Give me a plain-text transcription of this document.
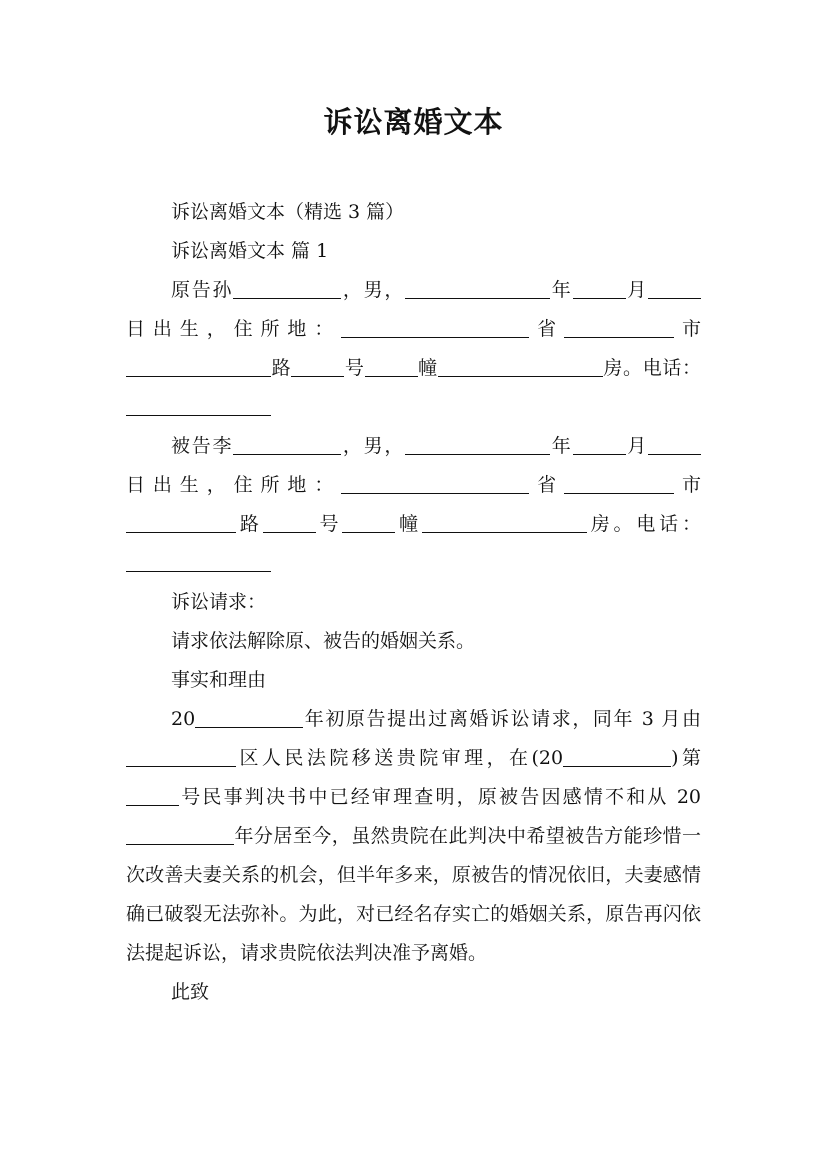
诉讼离婚文本

诉讼离婚文本（精选 3 篇）

诉讼离婚文本 篇 1

原告孙	，男，	年	月日出生，住所地：	省	市路	号	幢	房。电话：

被告李	，男，	年	月日出生，住所地：	省	市路	号	幢	房。电话：

诉讼请求：

请求依法解除原、被告的婚姻关系。

事实和理由

20	年初原告提出过离婚诉讼请求，同年 3 月由区人民法院移送贵院审理，在(20	)第号民事判决书中已经审理查明，原被告因感情不和从 20年分居至今，虽然贵院在此判决中希望被告方能珍惜一次改善夫妻关系的机会，但半年多来，原被告的情况依旧，夫妻感情确已破裂无法弥补。为此，对已经名存实亡的婚姻关系，原告再闪依法提起诉讼，请求贵院依法判决准予离婚。

此致
